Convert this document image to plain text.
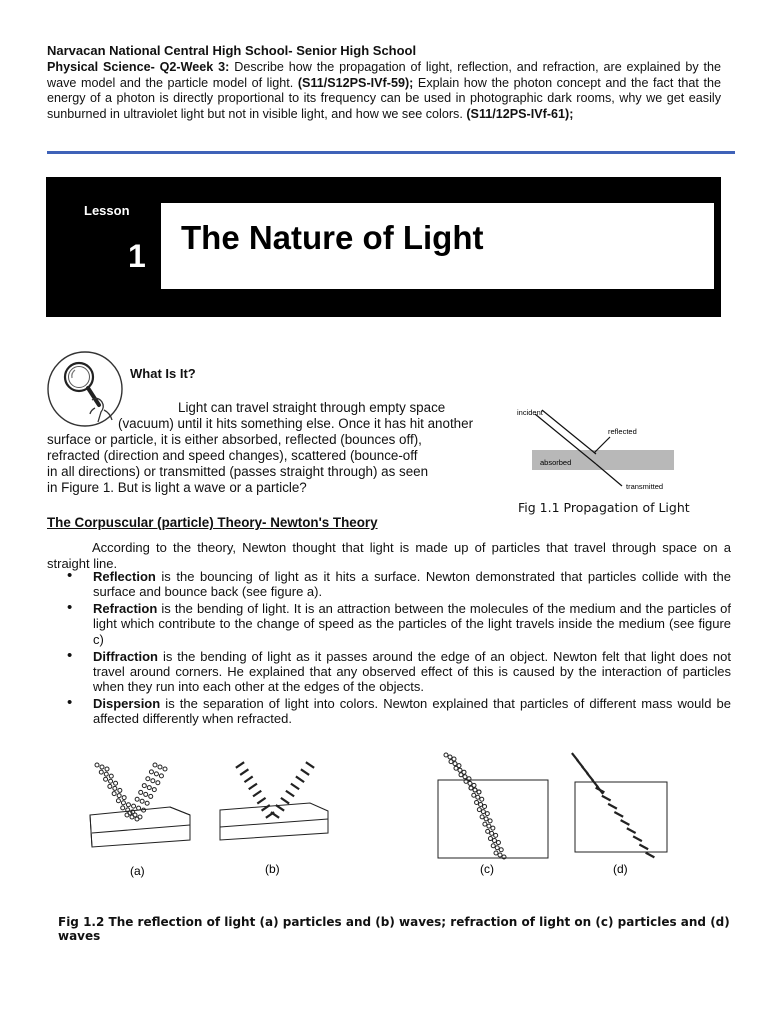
Narvacan National Central High School- Senior High School
Physical Science- Q2-Week 3: Describe how the propagation of light, reflection, and refraction, are explained by the wave model and the particle model of light. (S11/S12PS-IVf-59); Explain how the photon concept and the fact that the energy of a photon is directly proportional to its frequency can be used in photographic dark rooms, why we get easily sunburned in ultraviolet light but not in visible light, and how we see colors. (S11/12PS-IVf-61);
Lesson
1 The Nature of Light
What Is It?
Light can travel straight through empty space
(vacuum) until it hits something else. Once it has hit another
surface or particle, it is either absorbed, reflected (bounces off),
refracted (direction and speed changes), scattered (bounce-off
in all directions) or transmitted (passes straight through) as seen
in Figure 1. But is light a wave or a particle?
incident
reflected
absorbed
transmitted
Fig 1.1 Propagation of Light
The Corpuscular (particle) Theory- Newton's Theory
According to the theory, Newton thought that light is made up of particles that travel through space on a straight line.
• Reflection is the bouncing of light as it hits a surface. Newton demonstrated that particles collide with the surface and bounce back (see figure a).
• Refraction is the bending of light. It is an attraction between the molecules of the medium and the particles of light which contribute to the change of speed as the particles of the light travels inside the medium (see figure c)
• Diffraction is the bending of light as it passes around the edge of an object. Newton felt that light does not travel around corners. He explained that any observed effect of this is caused by the interaction of particles when they run into each other at the edges of the objects.
• Dispersion is the separation of light into colors. Newton explained that particles of different mass would be affected differently when refracted.
(a)	(b)	(c)	(d)
Fig 1.2 The reflection of light (a) particles and (b) waves; refraction of light on (c) particles and (d) waves
